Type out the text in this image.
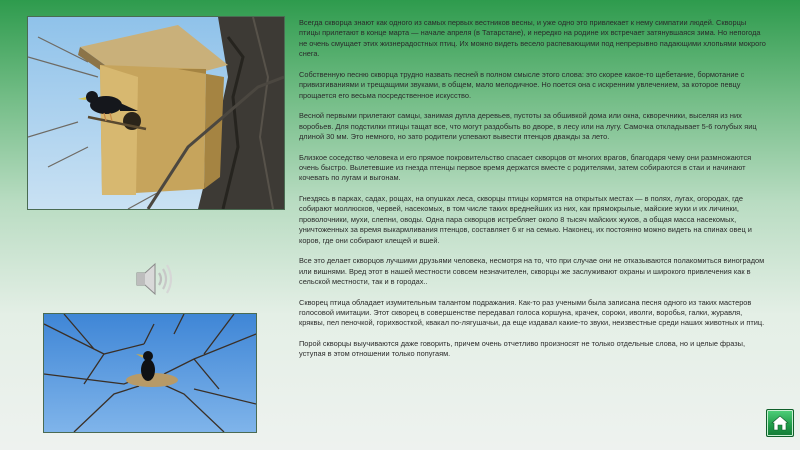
Всегда скворца знают как одного из самых первых вестников весны, и уже одно это привлекает к нему симпатии людей. Скворцы птицы прилетают в конце марта — начале апреля (в Татарстане), и нередко на родине их встречает затянувшаяся зима. Но непогода не очень смущает этих жизнерадостных птиц. Их можно видеть весело распевающими под непрерывно падающими хлопьями мокрого снега.

Собственную песню скворца трудно назвать песней в полном смысле этого слова: это скорее какое-то щебетание, бормотание с привизгиваниями и трещащими звуками, в общем, мало мелодичное. Но поется она с искренним увлечением, за которое певцу прощается его весьма посредственное искусство.

Весной первыми прилетают самцы, занимая дупла деревьев, пустоты за обшивкой дома или окна, скворечники, выселяя из них воробьев. Для подстилки птицы тащат все, что могут раздобыть во дворе, в лесу или на лугу. Самочка откладывает 5-6 голубых яиц длиной 30 мм. Это немного, но зато родители успевают вывести птенцов дважды за лето.

Близкое соседство человека и его прямое покровительство спасает скворцов от многих врагов, благодаря чему они размножаются очень быстро. Вылетевшие из гнезда птенцы первое время держатся вместе с родителями, затем собираются в стаи и начинают кочевать по лугам и выгонам.

Гнездясь в парках, садах, рощах, на опушках леса, скворцы птицы кормятся на открытых местах — в полях, лугах, огородах, где собирают моллюсков, червей, насекомых, в том числе таких вреднейших из них, как прямокрылые, майские жуки и их личинки, проволочники, мухи, слепни, оводы. Одна пара скворцов истребляет около 8 тысяч майских жуков, а общая масса насекомых, уничтоженных за время выкармливания птенцов, составляет 6 кг на семью. Наконец, их постоянно можно видеть на спинах овец и коров, где они собирают клещей и вшей.

Все это делает скворцов лучшими друзьями человека, несмотря на то, что при случае они не отказываются полакомиться виноградом или вишнями. Вред этот в нашей местности совсем незначителен, скворцы же заслуживают охраны и широкого привлечения как в сельской местности, так и в городах..

Скворец птица обладает изумительным талантом подражания. Как-то раз учеными была записана песня одного из таких мастеров голосовой имитации. Этот скворец в совершенстве передавал голоса коршуна, крачек, сороки, иволги, воробья, галки, журавля, кряквы, пел пеночкой, горихвосткой, квакал по-лягушачьи, да еще издавал какие-то звуки, неизвестные среди наших животных и птиц.

Порой скворцы выучиваются даже говорить, причем очень отчетливо произносят не только отдельные слова, но и целые фразы, уступая в этом отношении только попугаям.
